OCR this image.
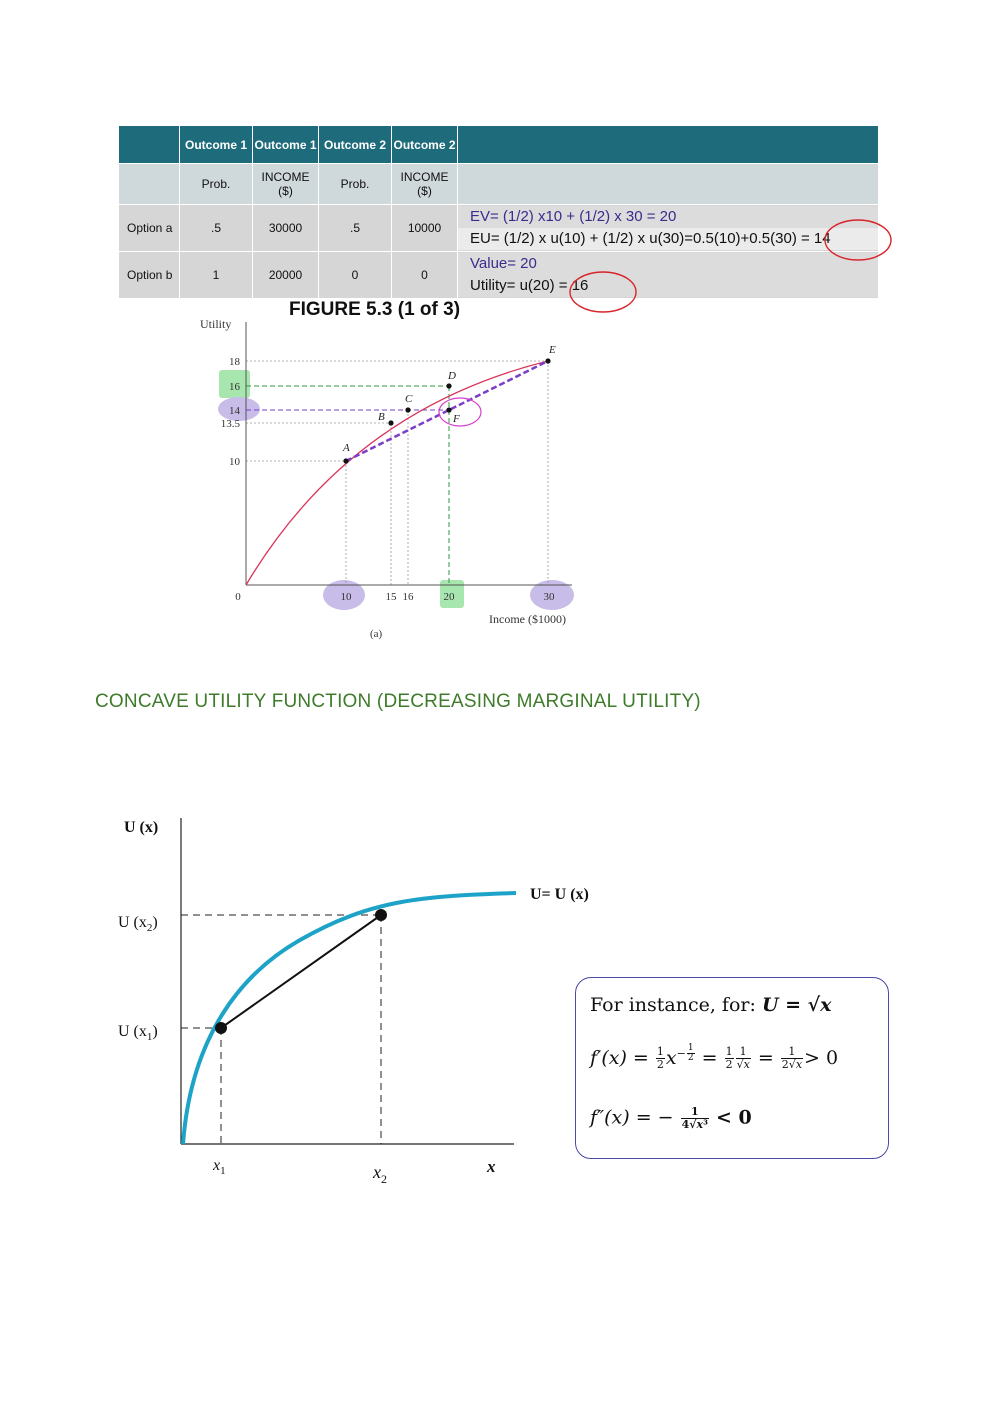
	Outcome 1	Outcome 1	Outcome 2	Outcome 2	
	Prob.	INCOME ($)	Prob.	INCOME ($)	
Option a	.5	30000	.5	10000	EV= (1/2) x10 + (1/2) x 30 = 20
EU= (1/2) x u(10) + (1/2) x u(30)=0.5(10)+0.5(30) = 14

Option b	1	20000	0	0	Value= 20
Utility= u(20) = 16
FIGURE 5.3 (1 of 3)
A
B
C
D
E
F
18
16
14
13.5
10
0	10	15 16	20	30
Utility
Income ($1000)
(a)
CONCAVE UTILITY FUNCTION (DECREASING MARGINAL UTILITY)
U (x)
U= U (x)
U $(x_2)$
U $(x_1)$
$x_1$	$x_2$
x
For instance, for: U = √x
$f'(x) = \frac{1}{2} x^{- \frac{1}{2}} = \frac{1}{2} \frac{1}{√x} = \frac{1}{2√x} > 0$
f″(x) = − $\frac{1}{\text{4√x³}} < 0$
